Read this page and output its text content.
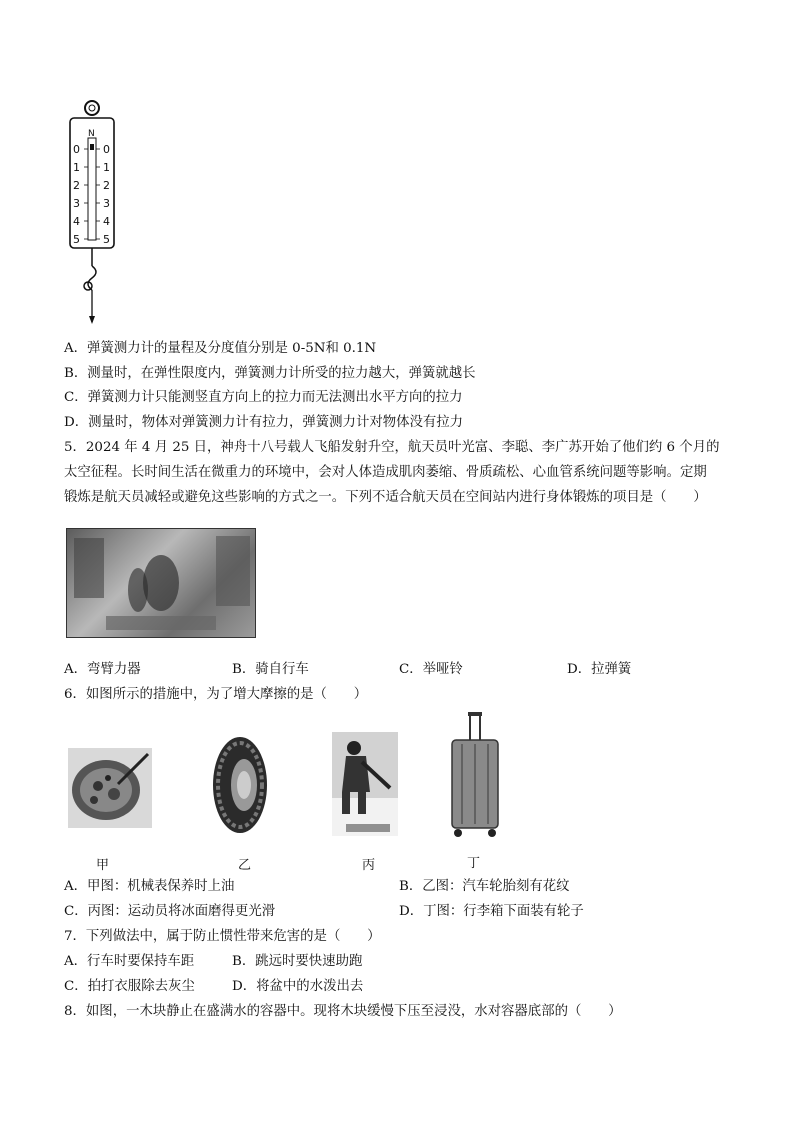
N
0
1
2
3
4
5
0
1
2
3
4
5
A．弹簧测力计的量程及分度值分别是 0-5N和 0.1N
B．测量时，在弹性限度内，弹簧测力计所受的拉力越大，弹簧就越长
C．弹簧测力计只能测竖直方向上的拉力而无法测出水平方向的拉力
D．测量时，物体对弹簧测力计有拉力，弹簧测力计对物体没有拉力
5．2024 年 4 月 25 日，神舟十八号载人飞船发射升空，航天员叶光富、李聪、李广苏开始了他们约 6 个月的
太空征程。长时间生活在微重力的环境中，会对人体造成肌肉萎缩、骨质疏松、心血管系统问题等影响。定期
锻炼是航天员减轻或避免这些影响的方式之一。下列不适合航天员在空间站内进行身体锻炼的项目是（　　）
A．弯臂力器	B．骑自行车	C．举哑铃	D．拉弹簧
6．如图所示的措施中，为了增大摩擦的是（　　）
甲	乙	丙	丁
A．甲图：机械表保养时上油	B．乙图：汽车轮胎刻有花纹
C．丙图：运动员将冰面磨得更光滑	D．丁图：行李箱下面装有轮子
7．下列做法中，属于防止惯性带来危害的是（　　）
A．行车时要保持车距	B．跳远时要快速助跑
C．拍打衣服除去灰尘	D．将盆中的水泼出去
8．如图，一木块静止在盛满水的容器中。现将木块缓慢下压至浸没，水对容器底部的（　　）
